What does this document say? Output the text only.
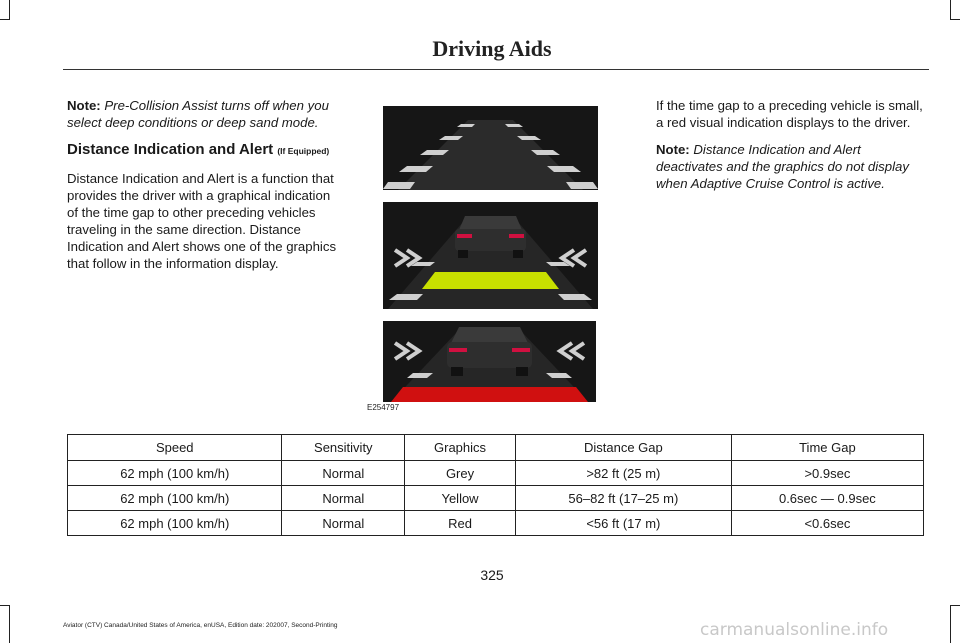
Driving Aids

Note: Pre-Collision Assist turns off when you select deep conditions or deep sand mode.

Distance Indication and Alert (If Equipped)

Distance Indication and Alert is a function that provides the driver with a graphical indication of the time gap to other preceding vehicles traveling in the same direction. Distance Indication and Alert shows one of the graphics that follow in the information display.

If the time gap to a preceding vehicle is small, a red visual indication displays to the driver.

Note: Distance Indication and Alert deactivates and the graphics do not display when Adaptive Cruise Control is active.

E254797
Speed	Sensitivity	Graphics	Distance Gap	Time Gap
62 mph (100 km/h)	Normal	Grey	>82 ft (25 m)	>0.9sec
62 mph (100 km/h)	Normal	Yellow	56–82 ft (17–25 m)	0.6sec — 0.9sec
62 mph (100 km/h)	Normal	Red	<56 ft (17 m)	<0.6sec
325
Aviator (CTV) Canada/United States of America, enUSA, Edition date: 202007, Second-Printing	carmanualsonline.info
